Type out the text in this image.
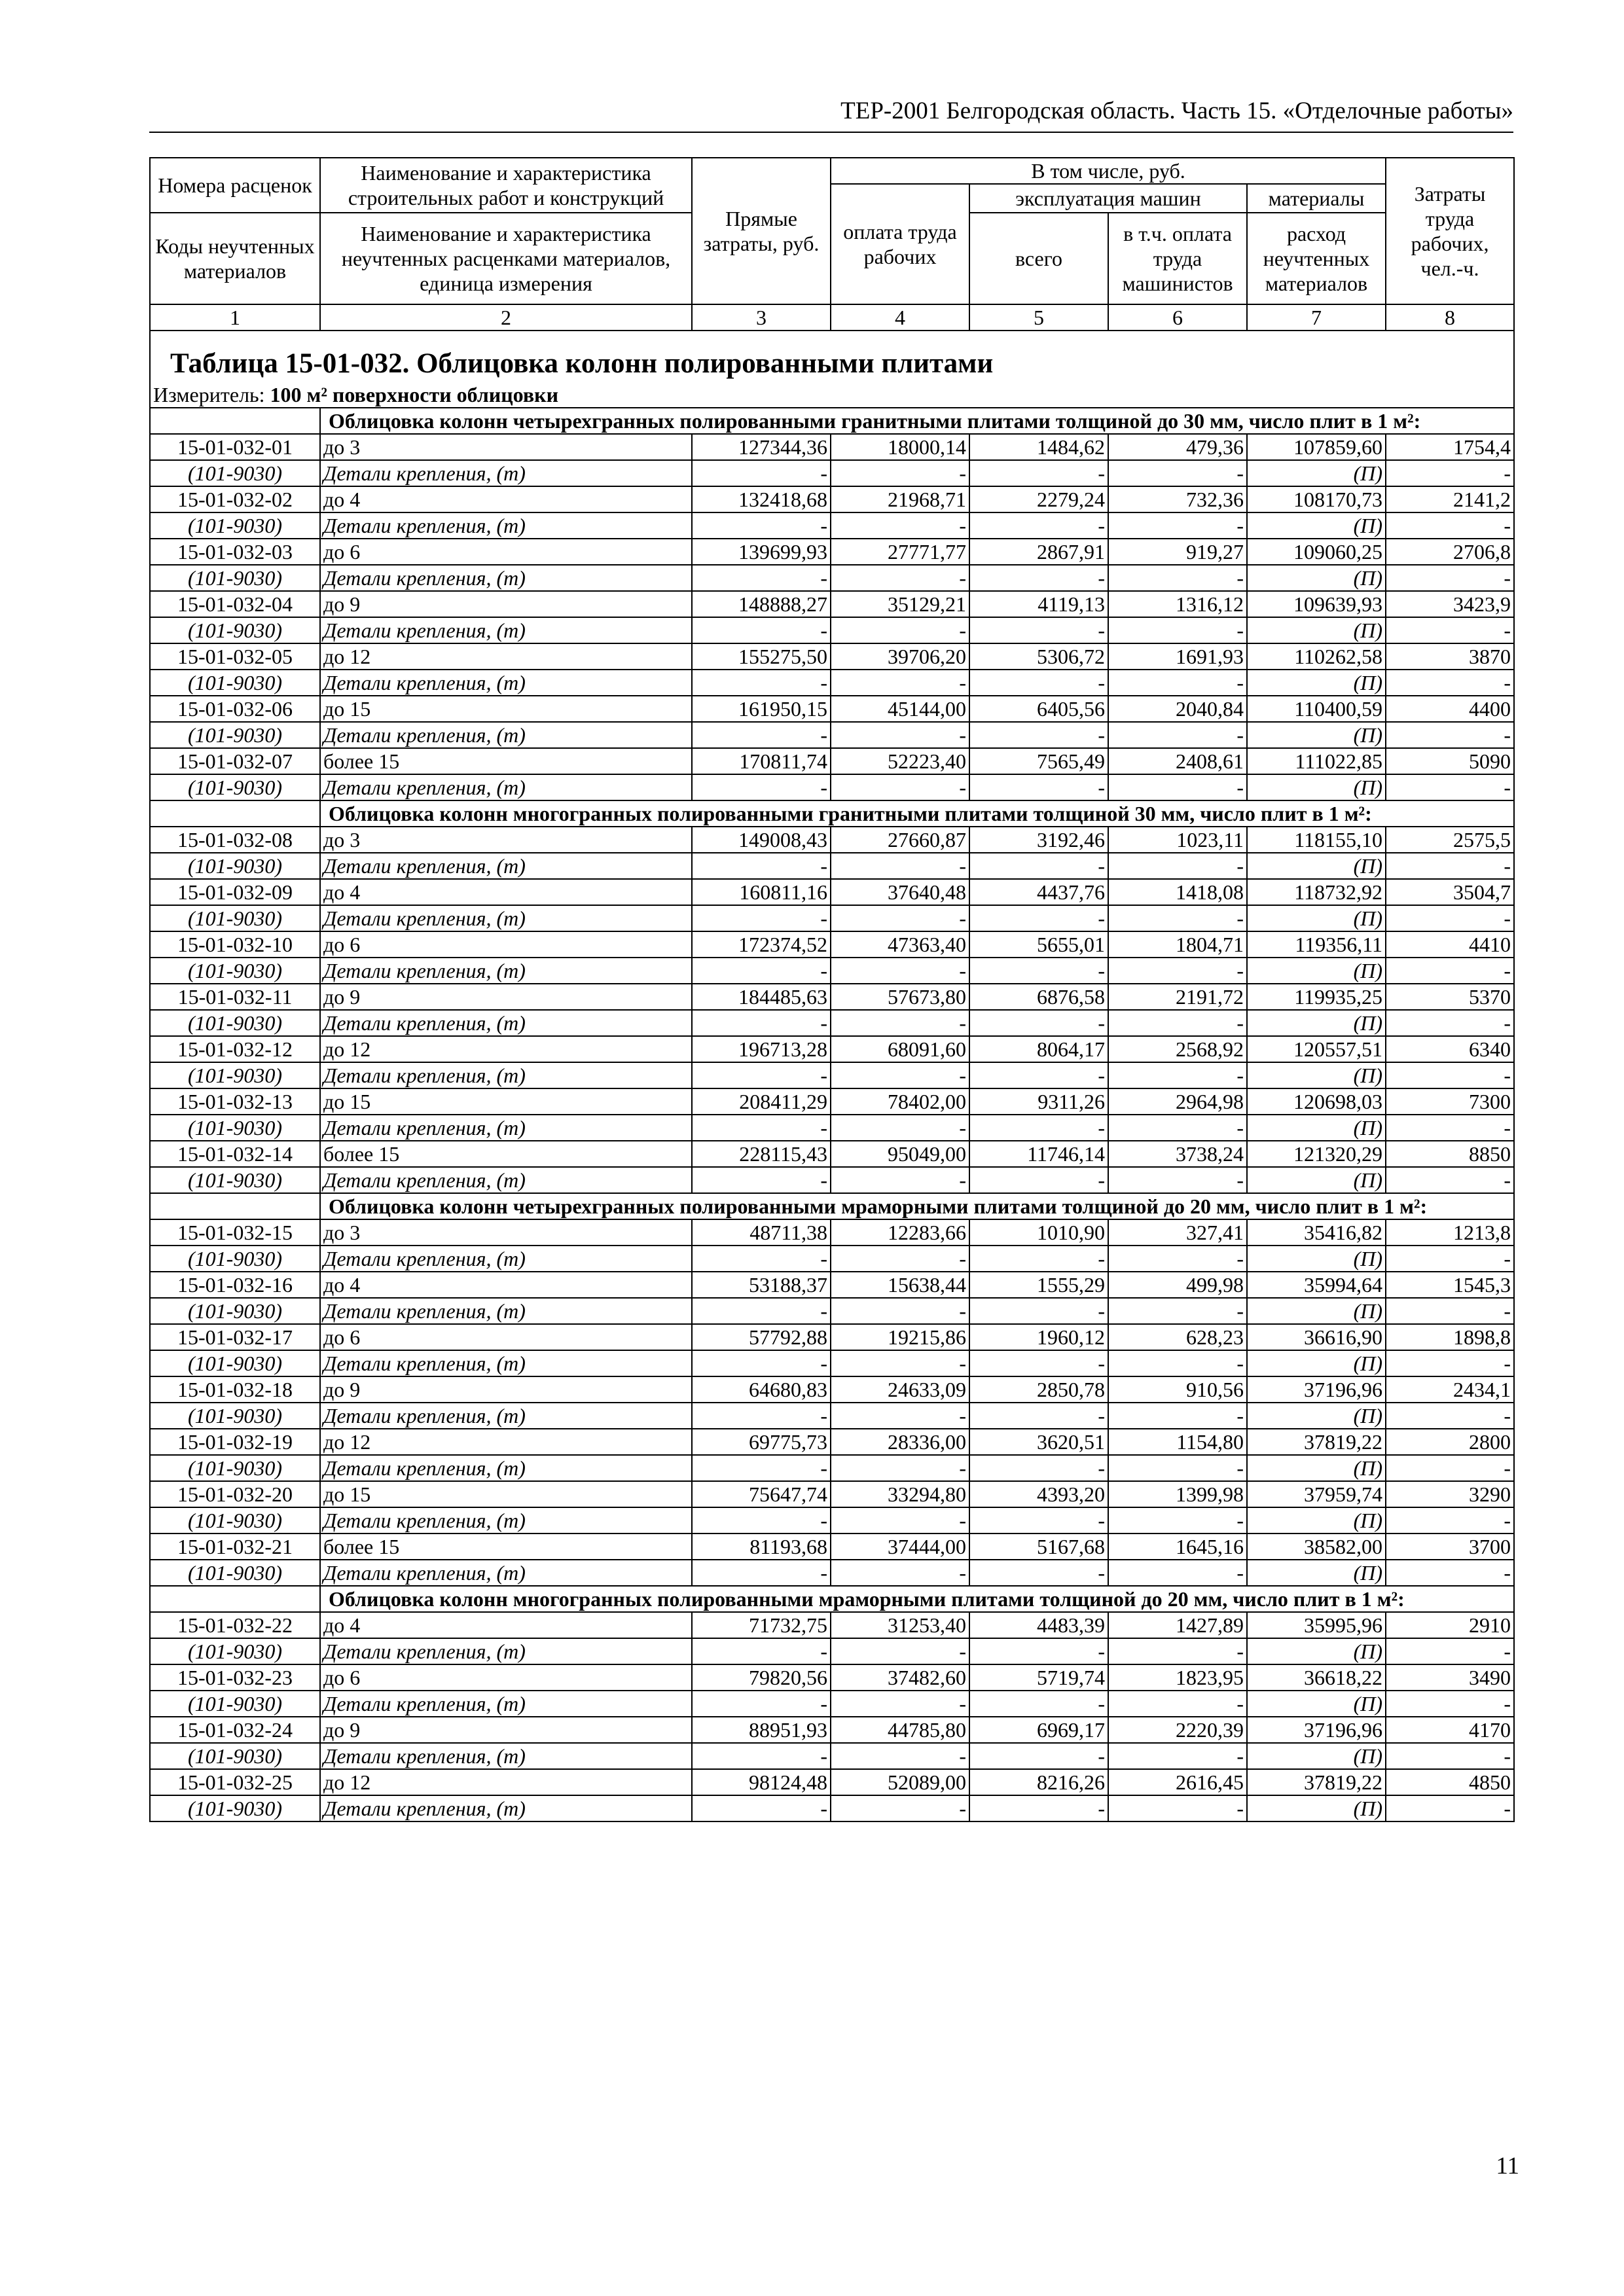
ТЕР-2001 Белгородская область. Часть 15. «Отделочные работы»
Номера расценок	Наименование и характеристика строительных работ и конструкций	Прямые затраты, руб.	В том числе, руб.				Затраты труда рабочих, чел.-ч.
			оплата труда рабочих	эксплуатация машин		материалы	
Коды неучтенных материалов	Наименование и характеристика неучтенных расценками материалов, единица измерения			всего	в т.ч. оплата труда машинистов	расход неучтенных материалов	

1	2	3	4	5	6	7	8

Таблица 15-01-032. Облицовка колонн полированными плитами							

Измеритель: 100 м² поверхности облицовки							
	Облицовка колонн четырехгранных полированными гранитными плитами толщиной до 30 мм, число плит в 1 м²:						
15-01-032-01	до 3	127344,36	18000,14	1484,62	479,36	107859,60	1754,4
(101-9030)	Детали крепления, (т)	-	-	-	-	(П)	-
15-01-032-02	до 4	132418,68	21968,71	2279,24	732,36	108170,73	2141,2
(101-9030)	Детали крепления, (т)	-	-	-	-	(П)	-
15-01-032-03	до 6	139699,93	27771,77	2867,91	919,27	109060,25	2706,8
(101-9030)	Детали крепления, (т)	-	-	-	-	(П)	-
15-01-032-04	до 9	148888,27	35129,21	4119,13	1316,12	109639,93	3423,9
(101-9030)	Детали крепления, (т)	-	-	-	-	(П)	-
15-01-032-05	до 12	155275,50	39706,20	5306,72	1691,93	110262,58	3870
(101-9030)	Детали крепления, (т)	-	-	-	-	(П)	-
15-01-032-06	до 15	161950,15	45144,00	6405,56	2040,84	110400,59	4400
(101-9030)	Детали крепления, (т)	-	-	-	-	(П)	-
15-01-032-07	более 15	170811,74	52223,40	7565,49	2408,61	111022,85	5090
(101-9030)	Детали крепления, (т)	-	-	-	-	(П)	-
	Облицовка колонн многогранных полированными гранитными плитами толщиной 30 мм, число плит в 1 м²:						
15-01-032-08	до 3	149008,43	27660,87	3192,46	1023,11	118155,10	2575,5
(101-9030)	Детали крепления, (т)	-	-	-	-	(П)	-
15-01-032-09	до 4	160811,16	37640,48	4437,76	1418,08	118732,92	3504,7
(101-9030)	Детали крепления, (т)	-	-	-	-	(П)	-
15-01-032-10	до 6	172374,52	47363,40	5655,01	1804,71	119356,11	4410
(101-9030)	Детали крепления, (т)	-	-	-	-	(П)	-
15-01-032-11	до 9	184485,63	57673,80	6876,58	2191,72	119935,25	5370
(101-9030)	Детали крепления, (т)	-	-	-	-	(П)	-
15-01-032-12	до 12	196713,28	68091,60	8064,17	2568,92	120557,51	6340
(101-9030)	Детали крепления, (т)	-	-	-	-	(П)	-
15-01-032-13	до 15	208411,29	78402,00	9311,26	2964,98	120698,03	7300
(101-9030)	Детали крепления, (т)	-	-	-	-	(П)	-
15-01-032-14	более 15	228115,43	95049,00	11746,14	3738,24	121320,29	8850
(101-9030)	Детали крепления, (т)	-	-	-	-	(П)	-
	Облицовка колонн четырехгранных полированными мраморными плитами толщиной до 20 мм, число плит в 1 м²:						
15-01-032-15	до 3	48711,38	12283,66	1010,90	327,41	35416,82	1213,8
(101-9030)	Детали крепления, (т)	-	-	-	-	(П)	-
15-01-032-16	до 4	53188,37	15638,44	1555,29	499,98	35994,64	1545,3
(101-9030)	Детали крепления, (т)	-	-	-	-	(П)	-
15-01-032-17	до 6	57792,88	19215,86	1960,12	628,23	36616,90	1898,8
(101-9030)	Детали крепления, (т)	-	-	-	-	(П)	-
15-01-032-18	до 9	64680,83	24633,09	2850,78	910,56	37196,96	2434,1
(101-9030)	Детали крепления, (т)	-	-	-	-	(П)	-
15-01-032-19	до 12	69775,73	28336,00	3620,51	1154,80	37819,22	2800
(101-9030)	Детали крепления, (т)	-	-	-	-	(П)	-
15-01-032-20	до 15	75647,74	33294,80	4393,20	1399,98	37959,74	3290
(101-9030)	Детали крепления, (т)	-	-	-	-	(П)	-
15-01-032-21	более 15	81193,68	37444,00	5167,68	1645,16	38582,00	3700
(101-9030)	Детали крепления, (т)	-	-	-	-	(П)	-
	Облицовка колонн многогранных полированными мраморными плитами толщиной до 20 мм, число плит в 1 м²:						
15-01-032-22	до 4	71732,75	31253,40	4483,39	1427,89	35995,96	2910
(101-9030)	Детали крепления, (т)	-	-	-	-	(П)	-
15-01-032-23	до 6	79820,56	37482,60	5719,74	1823,95	36618,22	3490
(101-9030)	Детали крепления, (т)	-	-	-	-	(П)	-
15-01-032-24	до 9	88951,93	44785,80	6969,17	2220,39	37196,96	4170
(101-9030)	Детали крепления, (т)	-	-	-	-	(П)	-
15-01-032-25	до 12	98124,48	52089,00	8216,26	2616,45	37819,22	4850
(101-9030)	Детали крепления, (т)	-	-	-	-	(П)	-
11
